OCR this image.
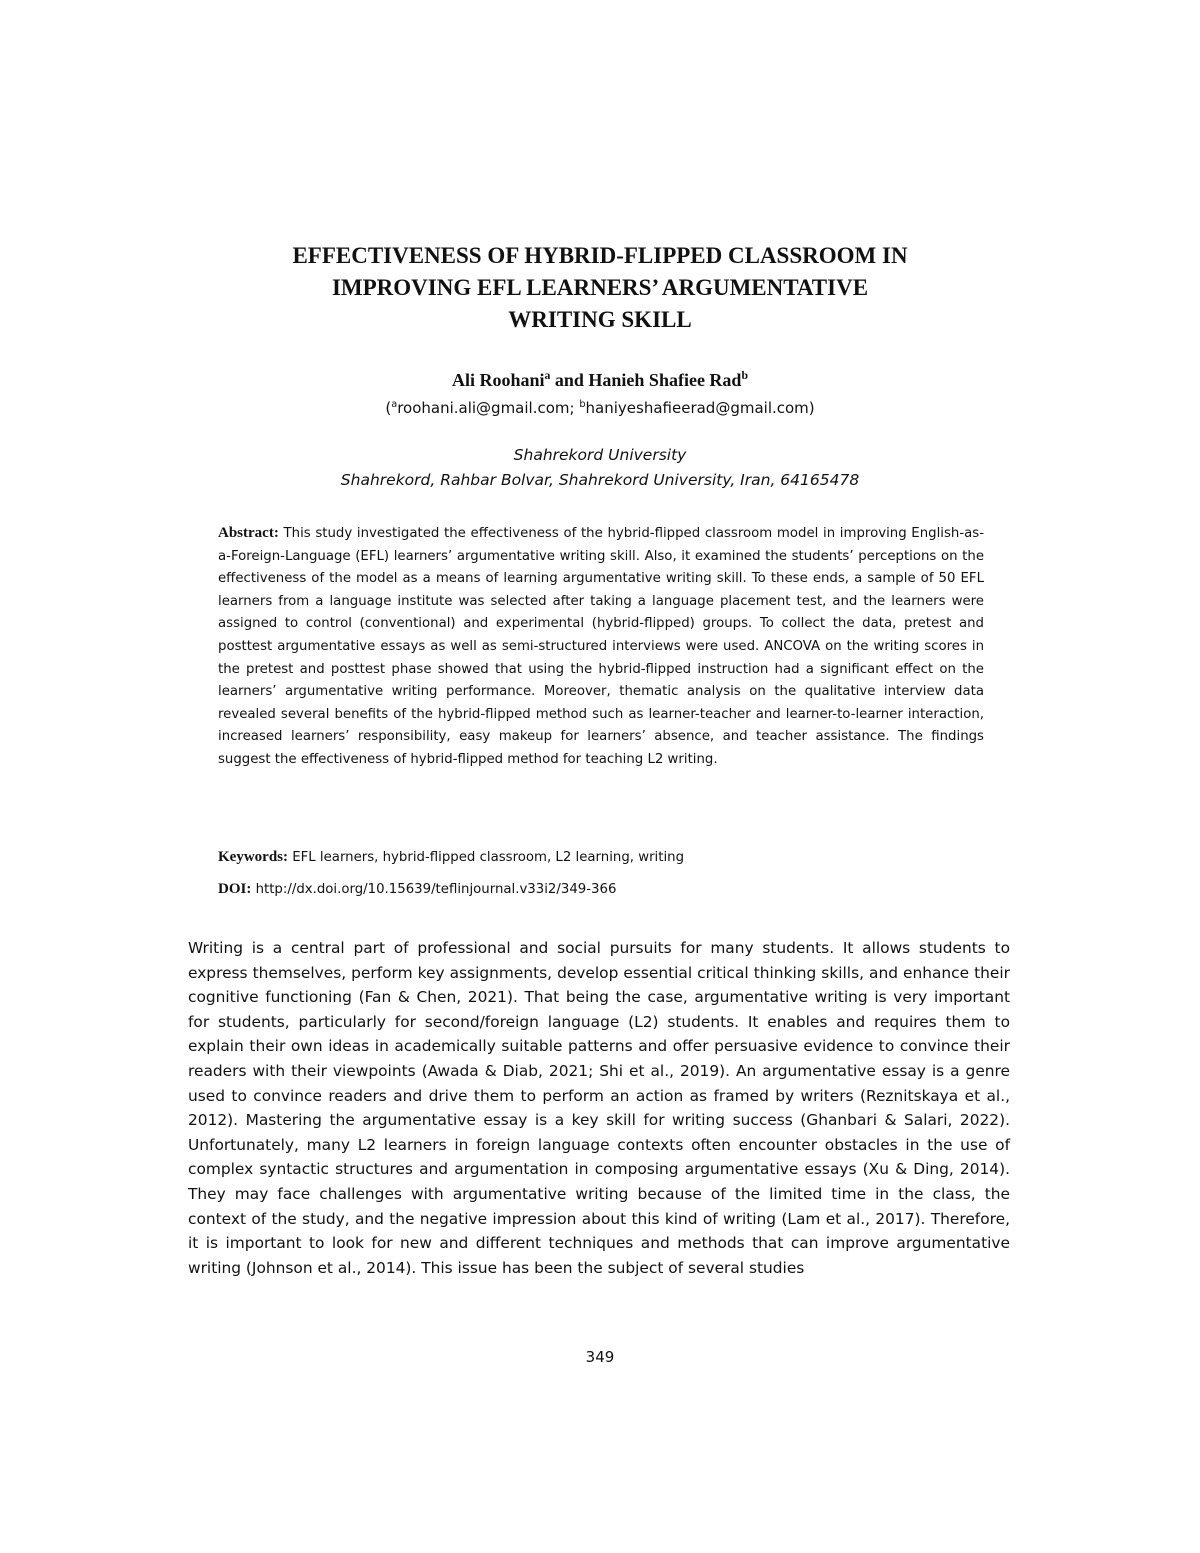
EFFECTIVENESS OF HYBRID-FLIPPED CLASSROOM IN
IMPROVING EFL LEARNERS’ ARGUMENTATIVE
WRITING SKILL
Ali Roohani$^a$ and Hanieh Shafiee Rad$^b$
($^a$roohani.ali@gmail.com; $^b$haniyeshafieerad@gmail.com)
Shahrekord University
Shahrekord, Rahbar Bolvar, Shahrekord University, Iran, 64165478
Abstract: This study investigated the effectiveness of the hybrid-flipped classroom model in improving English-as-a-Foreign-Language (EFL) learners’ argumentative writing skill. Also, it examined the students’ perceptions on the effectiveness of the model as a means of learning argumentative writing skill. To these ends, a sample of 50 EFL learners from a language institute was selected after taking a language placement test, and the learners were assigned to control (conventional) and experimental (hybrid-flipped) groups. To collect the data, pretest and posttest argumentative essays as well as semi-structured interviews were used. ANCOVA on the writing scores in the pretest and posttest phase showed that using the hybrid-flipped instruction had a significant effect on the learners’ argumentative writing performance. Moreover, thematic analysis on the qualitative interview data revealed several benefits of the hybrid-flipped method such as learner-teacher and learner-to-learner interaction, increased learners’ responsibility, easy makeup for learners’ absence, and teacher assistance. The findings suggest the effectiveness of hybrid-flipped method for teaching L2 writing.
Keywords: EFL learners, hybrid-flipped classroom, L2 learning, writing
DOI: http://dx.doi.org/10.15639/teflinjournal.v33i2/349-366
Writing is a central part of professional and social pursuits for many students. It allows students to express themselves, perform key assignments, develop essential critical thinking skills, and enhance their cognitive functioning (Fan & Chen, 2021). That being the case, argumentative writing is very important for students, particularly for second/foreign language (L2) students. It enables and requires them to explain their own ideas in academically suitable patterns and offer persuasive evidence to convince their readers with their viewpoints (Awada & Diab, 2021; Shi et al., 2019). An argumentative essay is a genre used to convince readers and drive them to perform an action as framed by writers (Reznitskaya et al., 2012). Mastering the argumentative essay is a key skill for writing success (Ghanbari & Salari, 2022). Unfortunately, many L2 learners in foreign language contexts often encounter obstacles in the use of complex syntactic structures and argumentation in composing argumentative essays (Xu & Ding, 2014). They may face challenges with argumentative writing because of the limited time in the class, the context of the study, and the negative impression about this kind of writing (Lam et al., 2017). Therefore, it is important to look for new and different techniques and methods that can improve argumentative writing (Johnson et al., 2014). This issue has been the subject of several studies
349
